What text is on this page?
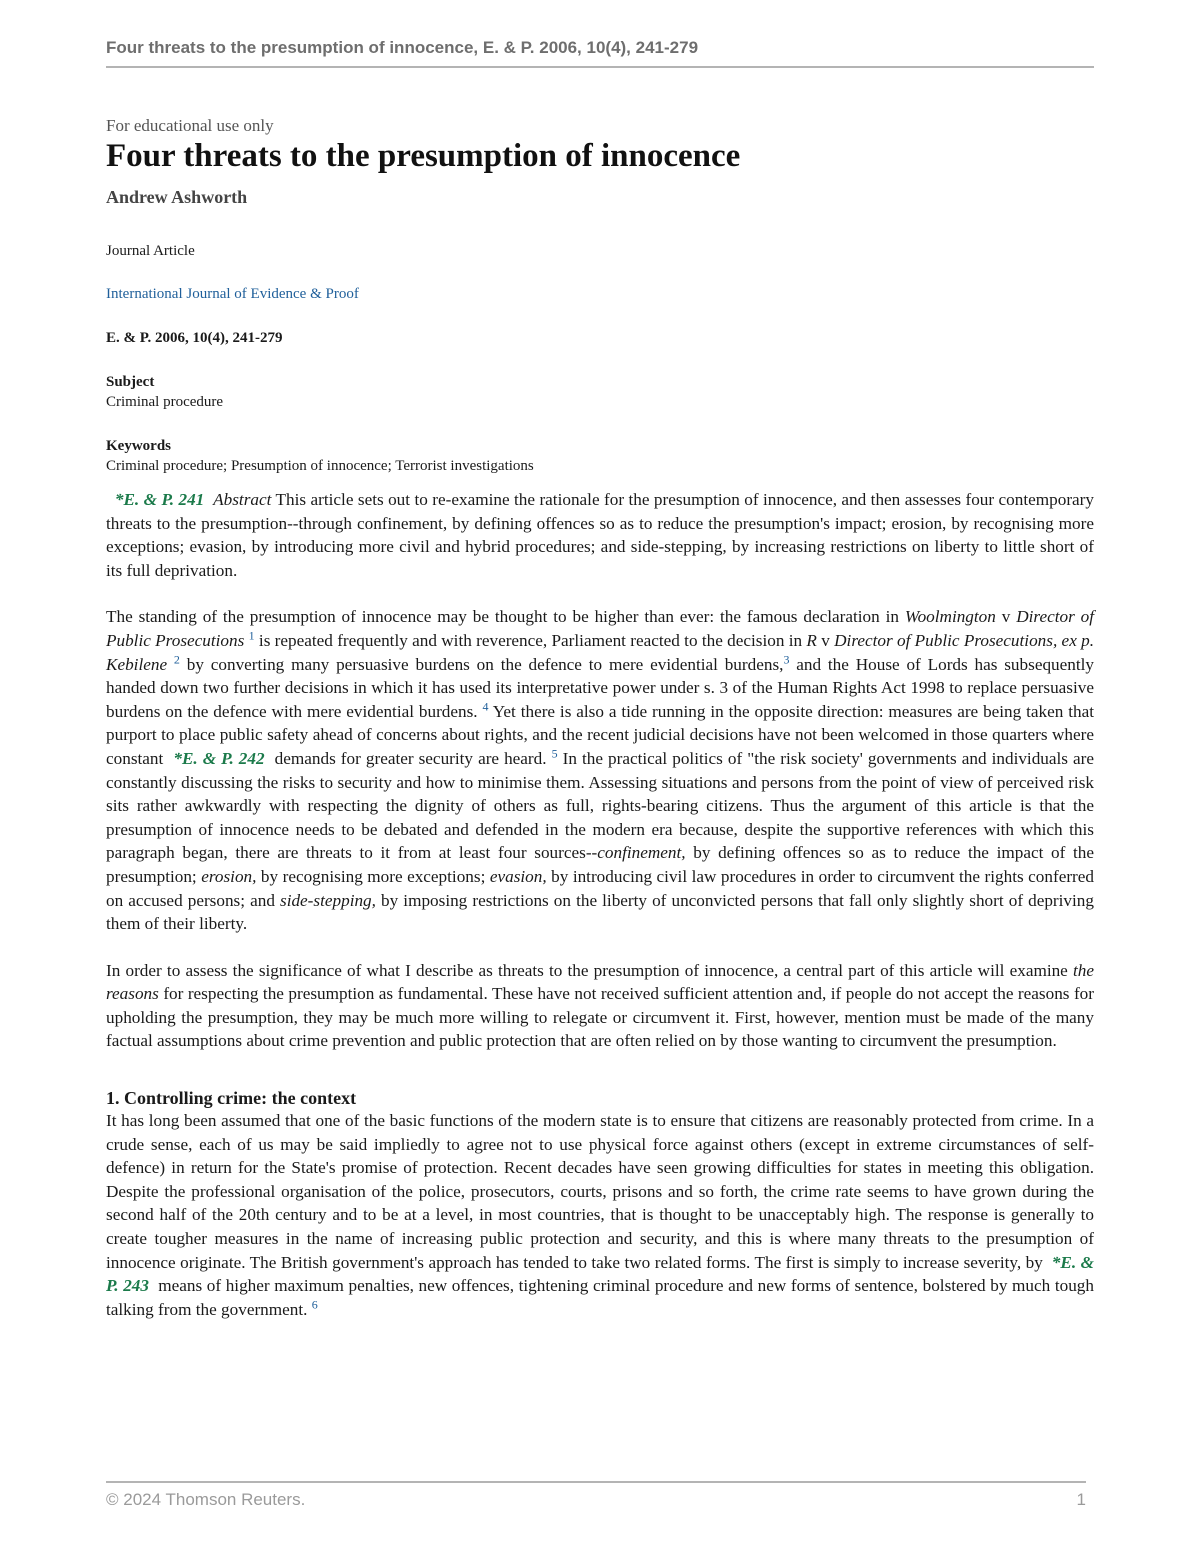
Four threats to the presumption of innocence, E. & P. 2006, 10(4), 241-279
For educational use only
Four threats to the presumption of innocence
Andrew Ashworth
Journal Article
International Journal of Evidence & Proof
E. & P. 2006, 10(4), 241-279
Subject
Criminal procedure
Keywords
Criminal procedure; Presumption of innocence; Terrorist investigations

*E. & P. 241 Abstract This article sets out to re-examine the rationale for the presumption of innocence, and then assesses four contemporary threats to the presumption--through confinement, by defining offences so as to reduce the presumption's impact; erosion, by recognising more exceptions; evasion, by introducing more civil and hybrid procedures; and side-stepping, by increasing restrictions on liberty to little short of its full deprivation.

The standing of the presumption of innocence may be thought to be higher than ever: the famous declaration in Woolmington v Director of Public Prosecutions $^1$ is repeated frequently and with reverence, Parliament reacted to the decision in R v Director of Public Prosecutions, ex p. Kebilene $^2$ by converting many persuasive burdens on the defence to mere evidential burdens,$^3$ and the House of Lords has subsequently handed down two further decisions in which it has used its interpretative power under s. 3 of the Human Rights Act 1998 to replace persuasive burdens on the defence with mere evidential burdens. $^4$ Yet there is also a tide running in the opposite direction: measures are being taken that purport to place public safety ahead of concerns about rights, and the recent judicial decisions have not been welcomed in those quarters where constant  *E. & P. 242  demands for greater security are heard. $^5$ In the practical politics of "the risk society' governments and individuals are constantly discussing the risks to security and how to minimise them. Assessing situations and persons from the point of view of perceived risk sits rather awkwardly with respecting the dignity of others as full, rights-bearing citizens. Thus the argument of this article is that the presumption of innocence needs to be debated and defended in the modern era because, despite the supportive references with which this paragraph began, there are threats to it from at least four sources--confinement, by defining offences so as to reduce the impact of the presumption; erosion, by recognising more exceptions; evasion, by introducing civil law procedures in order to circumvent the rights conferred on accused persons; and side-stepping, by imposing restrictions on the liberty of unconvicted persons that fall only slightly short of depriving them of their liberty.

In order to assess the significance of what I describe as threats to the presumption of innocence, a central part of this article will examine the reasons for respecting the presumption as fundamental. These have not received sufficient attention and, if people do not accept the reasons for upholding the presumption, they may be much more willing to relegate or circumvent it. First, however, mention must be made of the many factual assumptions about crime prevention and public protection that are often relied on by those wanting to circumvent the presumption.

1. Controlling crime: the context

It has long been assumed that one of the basic functions of the modern state is to ensure that citizens are reasonably protected from crime. In a crude sense, each of us may be said impliedly to agree not to use physical force against others (except in extreme circumstances of self-defence) in return for the State's promise of protection. Recent decades have seen growing difficulties for states in meeting this obligation. Despite the professional organisation of the police, prosecutors, courts, prisons and so forth, the crime rate seems to have grown during the second half of the 20th century and to be at a level, in most countries, that is thought to be unacceptably high. The response is generally to create tougher measures in the name of increasing public protection and security, and this is where many threats to the presumption of innocence originate. The British government's approach has tended to take two related forms. The first is simply to increase severity, by  *E. & P. 243  means of higher maximum penalties, new offences, tightening criminal procedure and new forms of sentence, bolstered by much tough talking from the government. $^6$

© 2024 Thomson Reuters.	1
